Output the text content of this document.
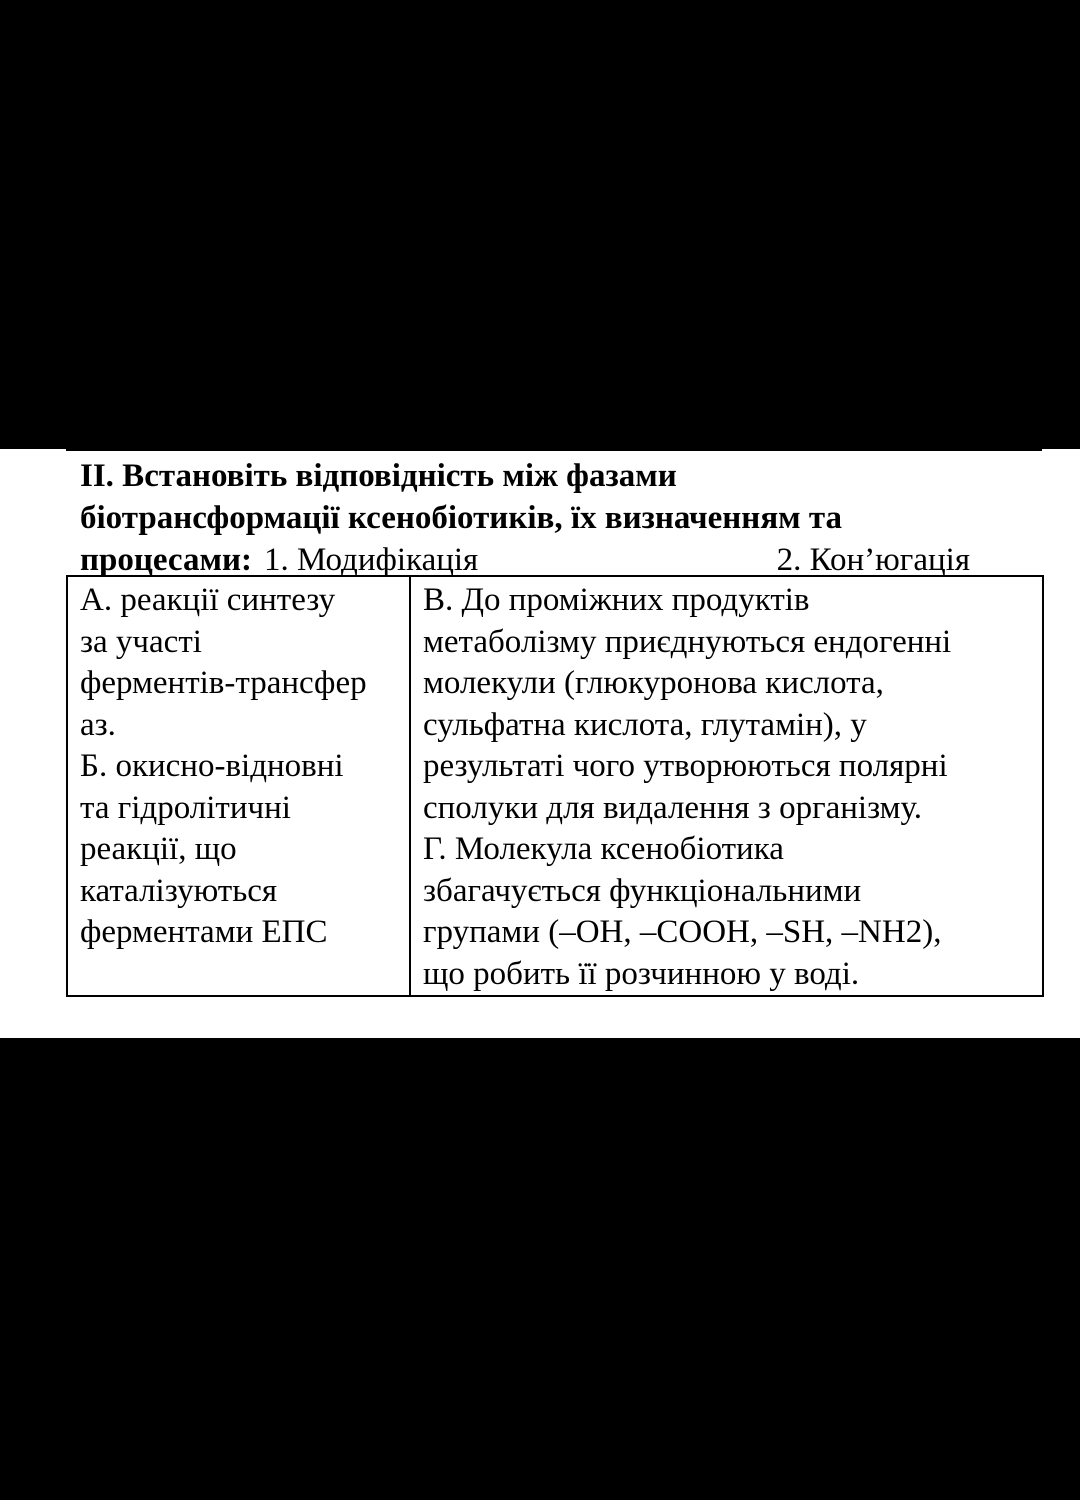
II. Встановіть відповідність між фазами
біотрансформації ксенобіотиків, їх визначенням та
процесами: 1. Модифікація	2. Кон’югація
А. реакції синтезу
за участі
ферментів-трансфер
аз.
Б. окисно-відновні
та гідролітичні
реакції, що
каталізуються
ферментами ЕПС

В. До проміжних продуктів
метаболізму приєднуються ендогенні
молекули (глюкуронова кислота,
сульфатна кислота, глутамін), у
результаті чого утворюються полярні
сполуки для видалення з організму.
Г. Молекула ксенобіотика
збагачується функціональними
групами (–ОН, –СООН, –SH, –NH2),
що робить її розчинною у воді.
